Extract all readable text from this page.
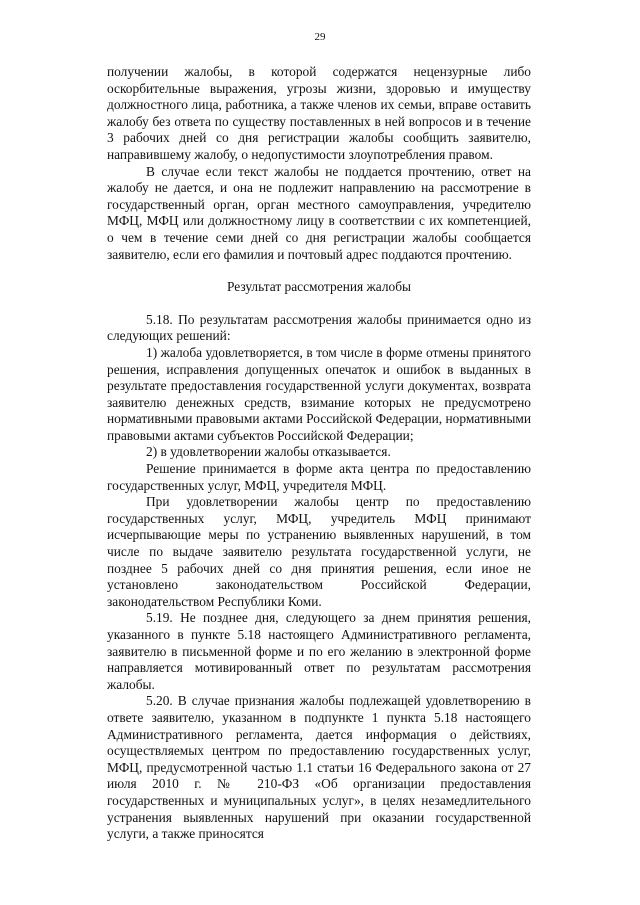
29

получении жалобы, в которой содержатся нецензурные либо оскорбительные выражения, угрозы жизни, здоровью и имуществу должностного лица, работника, а также членов их семьи, вправе оставить жалобу без ответа по существу поставленных в ней вопросов и в течение 3 рабочих дней со дня регистрации жалобы сообщить заявителю, направившему жалобу, о недопустимости злоупотребления правом.

В случае если текст жалобы не поддается прочтению, ответ на жалобу не дается, и она не подлежит направлению на рассмотрение в государственный орган, орган местного самоуправления, учредителю МФЦ, МФЦ или должностному лицу в соответствии с их компетенцией, о чем в течение семи дней со дня регистрации жалобы сообщается заявителю, если его фамилия и почтовый адрес поддаются прочтению.

Результат рассмотрения жалобы

5.18. По результатам рассмотрения жалобы принимается одно из следующих решений:

1) жалоба удовлетворяется, в том числе в форме отмены принятого решения, исправления допущенных опечаток и ошибок в выданных в результате предоставления государственной услуги документах, возврата заявителю денежных средств, взимание которых не предусмотрено нормативными правовыми актами Российской Федерации, нормативными правовыми актами субъектов Российской Федерации;

2) в удовлетворении жалобы отказывается.

Решение принимается в форме акта центра по предоставлению государственных услуг, МФЦ, учредителя МФЦ.

При удовлетворении жалобы центр по предоставлению государственных услуг, МФЦ, учредитель МФЦ принимают исчерпывающие меры по устранению выявленных нарушений, в том числе по выдаче заявителю результата государственной услуги, не позднее 5 рабочих дней со дня принятия решения, если иное не установлено законодательством Российской Федерации, законодательством Республики Коми.

5.19. Не позднее дня, следующего за днем принятия решения, указанного в пункте 5.18 настоящего Административного регламента, заявителю в письменной форме и по его желанию в электронной форме направляется мотивированный ответ по результатам рассмотрения жалобы.

5.20. В случае признания жалобы подлежащей удовлетворению в ответе заявителю, указанном в подпункте 1 пункта 5.18 настоящего Административного регламента, дается информация о действиях, осуществляемых центром по предоставлению государственных услуг, МФЦ, предусмотренной частью 1.1 статьи 16 Федерального закона от 27 июля 2010 г. № 210-ФЗ «Об организации предоставления государственных и муниципальных услуг», в целях незамедлительного устранения выявленных нарушений при оказании государственной услуги, а также приносятся
